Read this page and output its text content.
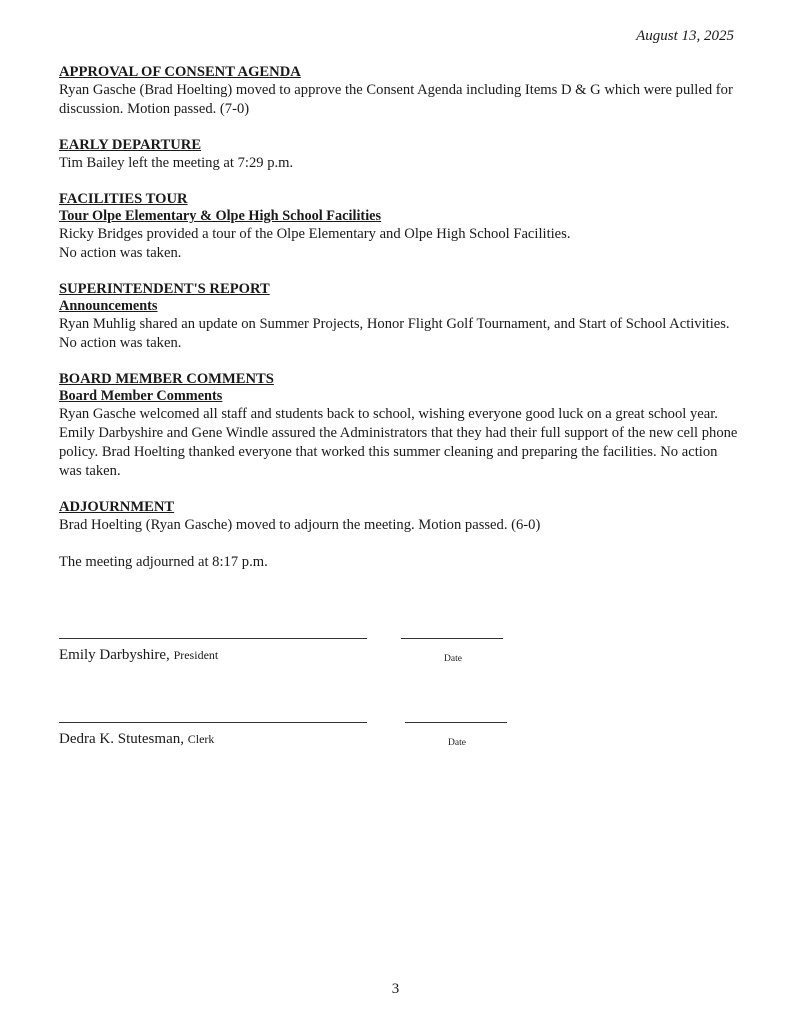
August 13, 2025
APPROVAL OF CONSENT AGENDA
Ryan Gasche (Brad Hoelting) moved to approve the Consent Agenda including Items D & G which were pulled for discussion. Motion passed. (7-0)
EARLY DEPARTURE
Tim Bailey left the meeting at 7:29 p.m.
FACILITIES TOUR
Tour Olpe Elementary & Olpe High School Facilities
Ricky Bridges provided a tour of the Olpe Elementary and Olpe High School Facilities.
No action was taken.
SUPERINTENDENT'S REPORT
Announcements
Ryan Muhlig shared an update on Summer Projects, Honor Flight Golf Tournament, and Start of School Activities. No action was taken.
BOARD MEMBER COMMENTS
Board Member Comments
Ryan Gasche welcomed all staff and students back to school, wishing everyone good luck on a great school year. Emily Darbyshire and Gene Windle assured the Administrators that they had their full support of the new cell phone policy. Brad Hoelting thanked everyone that worked this summer cleaning and preparing the facilities. No action was taken.
ADJOURNMENT
Brad Hoelting (Ryan Gasche) moved to adjourn the meeting. Motion passed. (6-0)
The meeting adjourned at 8:17 p.m.
Emily Darbyshire, President	Date
Dedra K. Stutesman, Clerk	Date
3
